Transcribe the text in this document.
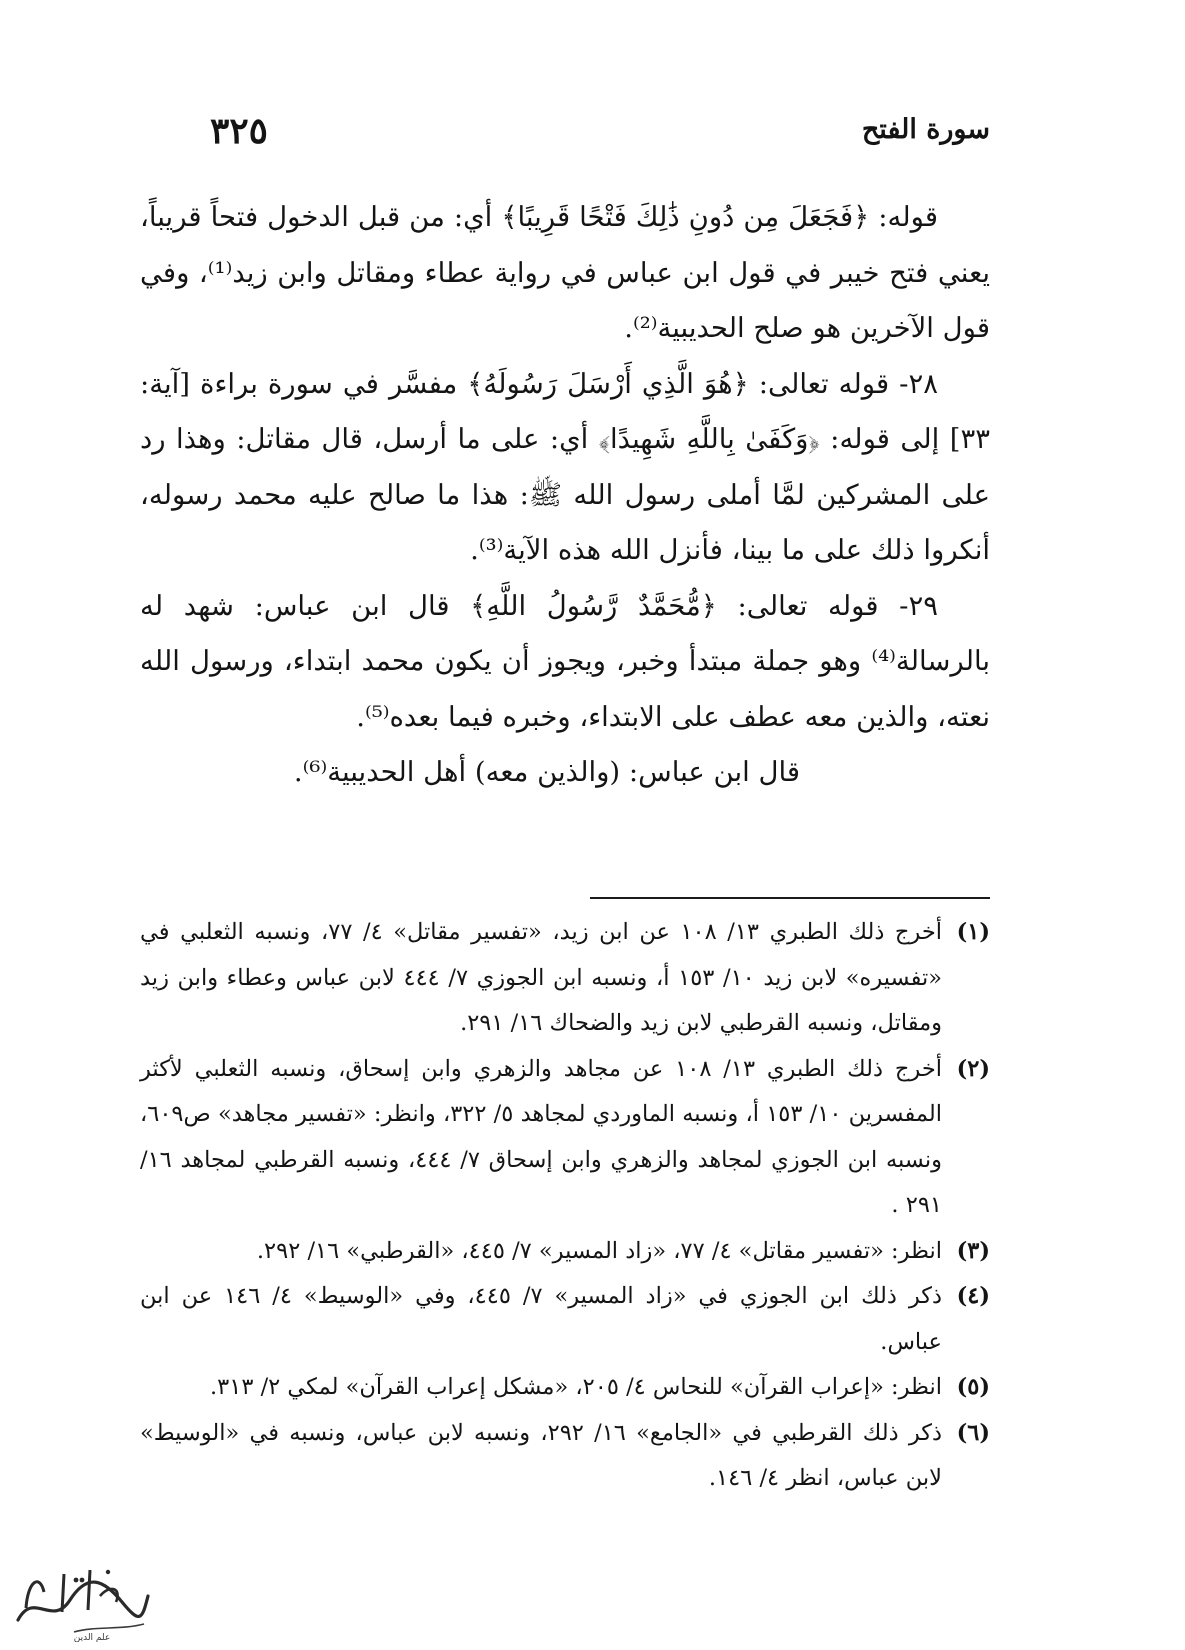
٣٢٥	سورة الفتح

قوله: ﴿فَجَعَلَ مِن دُونِ ذَٰلِكَ فَتْحًا قَرِيبًا﴾ أي: من قبل الدخول فتحاً قريباً، يعني فتح خيبر في قول ابن عباس في رواية عطاء ومقاتل وابن زيد⁽¹⁾، وفي قول الآخرين هو صلح الحديبية⁽²⁾.

٢٨- قوله تعالى: ﴿هُوَ الَّذِي أَرْسَلَ رَسُولَهُ﴾ مفسَّر في سورة براءة [آية: ٣٣] إلى قوله: ﴿وَكَفَىٰ بِاللَّهِ شَهِيدًا﴾ أي: على ما أرسل، قال مقاتل: وهذا رد على المشركين لمَّا أملى رسول الله ﷺ: هذا ما صالح عليه محمد رسوله، أنكروا ذلك على ما بينا، فأنزل الله هذه الآية⁽³⁾.

٢٩- قوله تعالى: ﴿مُّحَمَّدٌ رَّسُولُ اللَّهِ﴾ قال ابن عباس: شهد له بالرسالة⁽⁴⁾ وهو جملة مبتدأ وخبر، ويجوز أن يكون محمد ابتداء، ورسول الله نعته، والذين معه عطف على الابتداء، وخبره فيما بعده⁽⁵⁾.

قال ابن عباس: (والذين معه) أهل الحديبية⁽⁶⁾.

(١)
أخرج ذلك الطبري ١٣/ ١٠٨ عن ابن زيد، «تفسير مقاتل» ٤/ ٧٧، ونسبه الثعلبي في «تفسيره» لابن زيد ١٠/ ١٥٣ أ، ونسبه ابن الجوزي ٧/ ٤٤٤ لابن عباس وعطاء وابن زيد ومقاتل، ونسبه القرطبي لابن زيد والضحاك ١٦/ ٢٩١.
(٢)
أخرج ذلك الطبري ١٣/ ١٠٨ عن مجاهد والزهري وابن إسحاق، ونسبه الثعلبي لأكثر المفسرين ١٠/ ١٥٣ أ، ونسبه الماوردي لمجاهد ٥/ ٣٢٢، وانظر: «تفسير مجاهد» ص٦٠٩، ونسبه ابن الجوزي لمجاهد والزهري وابن إسحاق ٧/ ٤٤٤، ونسبه القرطبي لمجاهد ١٦/ ٢٩١ .
(٣)
انظر: «تفسير مقاتل» ٤/ ٧٧، «زاد المسير» ٧/ ٤٤٥، «القرطبي» ١٦/ ٢٩٢.
(٤)
ذكر ذلك ابن الجوزي في «زاد المسير» ٧/ ٤٤٥، وفي «الوسيط» ٤/ ١٤٦ عن ابن عباس.
(٥)
انظر: «إعراب القرآن» للنحاس ٤/ ٢٠٥، «مشكل إعراب القرآن» لمكي ٢/ ٣١٣.
(٦)
ذكر ذلك القرطبي في «الجامع» ١٦/ ٢٩٢، ونسبه لابن عباس، ونسبه في «الوسيط» لابن عباس، انظر ٤/ ١٤٦.
علم الدين
